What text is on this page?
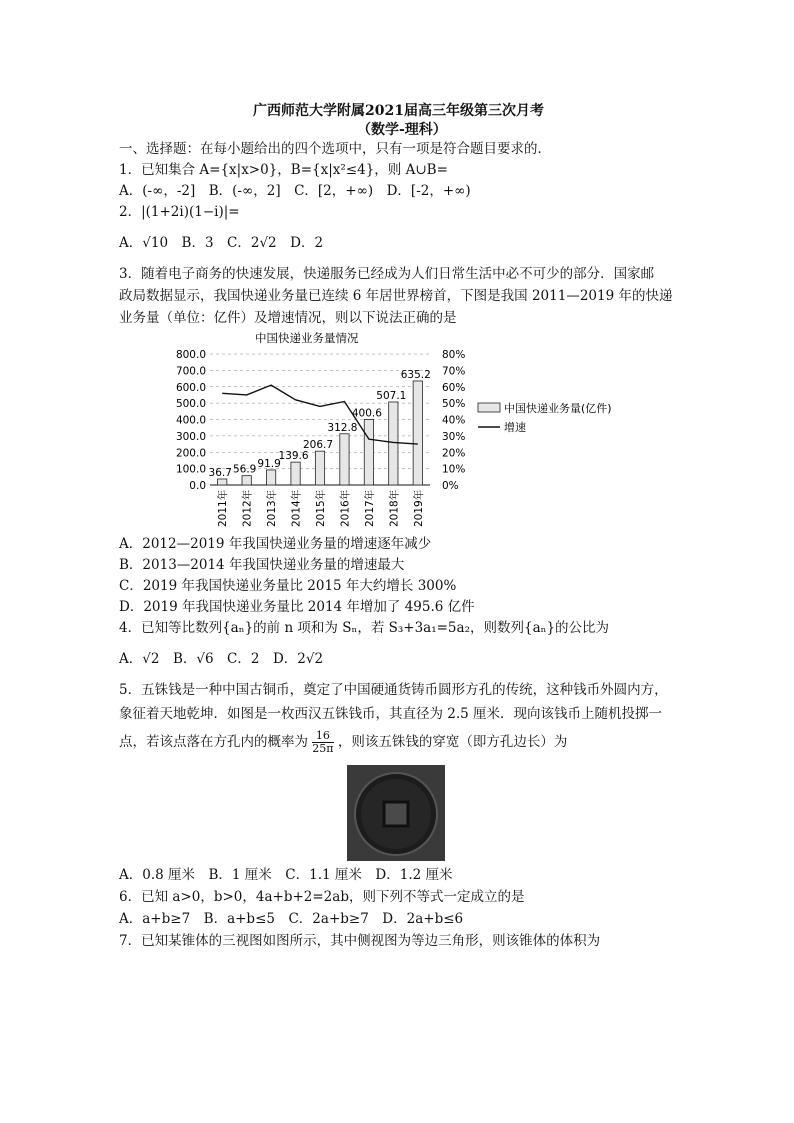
广西师范大学附属2021届高三年级第三次月考
（数学-理科）
一、选择题：在每小题给出的四个选项中，只有一项是符合题目要求的．
1．已知集合 A={x|x>0}，B={x|x²≤4}，则 A∪B=
A．(-∞，-2]　B．(-∞，2]　C．[2，+∞)　D．[-2，+∞)
2．|(1+2i)(1−i)|=
A．√10　B．3　C．2√2　D．2
3．随着电子商务的快速发展，快递服务已经成为人们日常生活中必不可少的部分．国家邮
政局数据显示，我国快递业务量已连续 6 年居世界榜首，下图是我国 2011—2019 年的快递
业务量（单位：亿件）及增速情况，则以下说法正确的是
中国快递业务量情况
0.0
100.0
200.0
300.0
400.0
500.0
600.0
700.0
800.0
0%
10%
20%
30%
40%
50%
60%
70%
80%
36.7 56.9 91.9
139.6
206.7
312.8
400.6
507.1
635.2
2011年 2012年 2013年 2014年 2015年 2016年 2017年 2018年 2019年
中国快递业务量(亿件)
增速
A．2012—2019 年我国快递业务量的增速逐年减少
B．2013—2014 年我国快递业务量的增速最大
C．2019 年我国快递业务量比 2015 年大约增长 300%
D．2019 年我国快递业务量比 2014 年增加了 495.6 亿件
4．已知等比数列{aₙ}的前 n 项和为 Sₙ，若 S₃+3a₁=5a₂，则数列{aₙ}的公比为
A．√2　B．√6　C．2　D．2√2
5．五铢钱是一种中国古铜币，奠定了中国硬通货铸币圆形方孔的传统，这种钱币外圆内方，
象征着天地乾坤．如图是一枚西汉五铢钱币，其直径为 2.5 厘米．现向该钱币上随机投掷一
点，若该点落在方孔内的概率为 $\frac{16}{25\pi}$ ，则该五铢钱的穿宽（即方孔边长）为
A．0.8 厘米　B．1 厘米　C．1.1 厘米　D．1.2 厘米
6．已知 a>0，b>0，4a+b+2=2ab，则下列不等式一定成立的是
A．a+b≥7　B．a+b≤5　C．2a+b≥7　D．2a+b≤6
7．已知某锥体的三视图如图所示，其中侧视图为等边三角形，则该锥体的体积为
